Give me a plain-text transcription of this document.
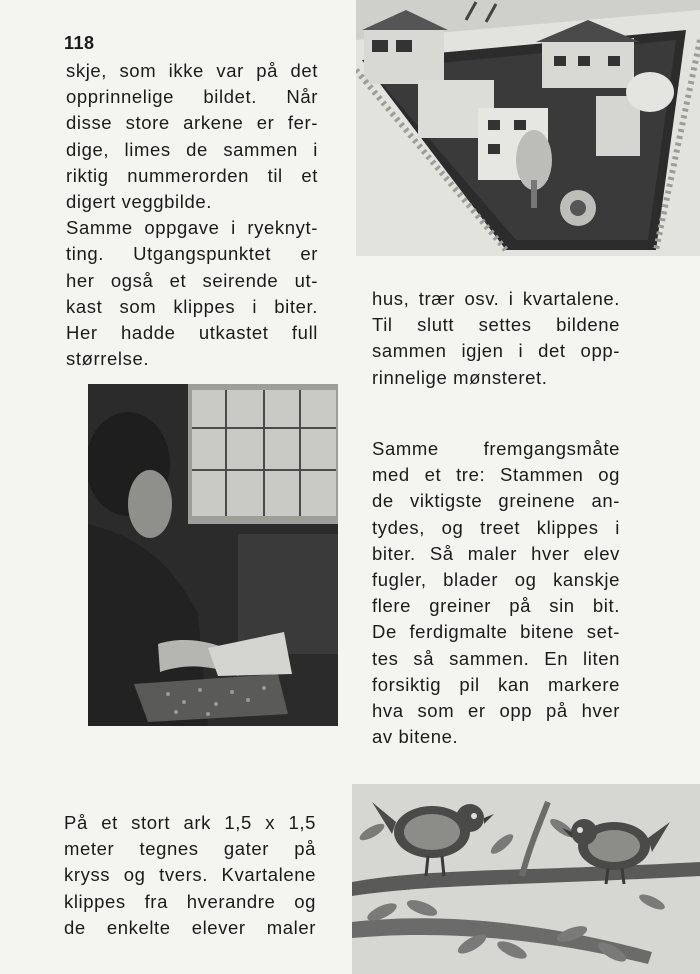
118
skje, som ikke var på det
opprinnelige bildet. Når
disse store arkene er fer-
dige, limes de sammen i
riktig nummerorden til et
digert veggbilde.
Samme oppgave i ryeknyt-
ting. Utgangspunktet er
her også et seirende ut-
kast som klippes i biter.
Her hadde utkastet full
størrelse.
hus, trær osv. i kvartalene.
Til slutt settes bildene
sammen igjen i det opp-
rinnelige mønsteret.
Samme fremgangsmåte
med et tre: Stammen og
de viktigste greinene an-
tydes, og treet klippes i
biter. Så maler hver elev
fugler, blader og kanskje
flere greiner på sin bit.
De ferdigmalte bitene set-
tes så sammen. En liten
forsiktig pil kan markere
hva som er opp på hver
av bitene.
På et stort ark 1,5 x 1,5
meter tegnes gater på
kryss og tvers. Kvartalene
klippes fra hverandre og
de enkelte elever maler
